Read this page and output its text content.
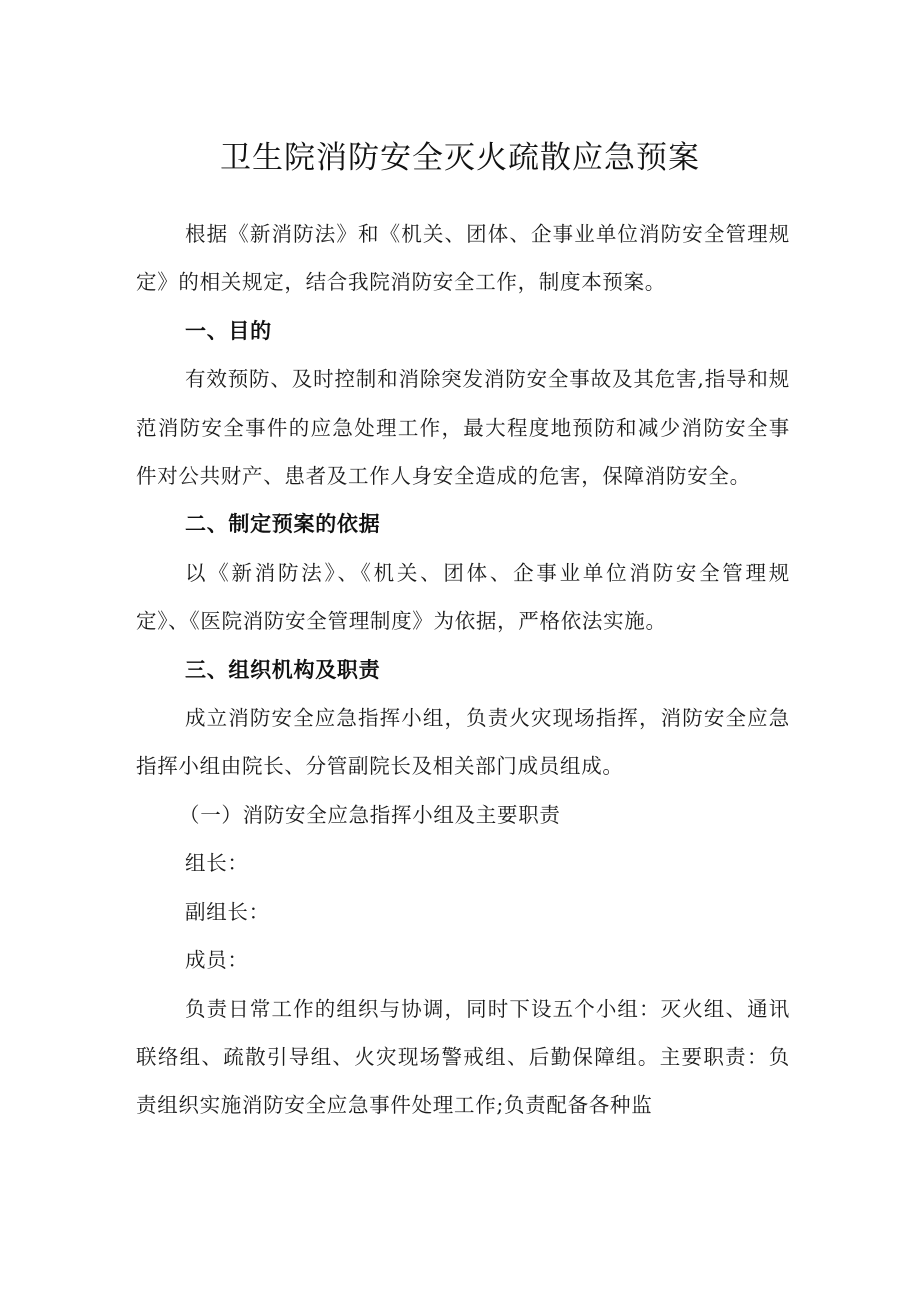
卫生院消防安全灭火疏散应急预案

根据《新消防法》和《机关、团体、企事业单位消防安全管理规定》的相关规定，结合我院消防安全工作，制度本预案。

一、目的

有效预防、及时控制和消除突发消防安全事故及其危害,指导和规范消防安全事件的应急处理工作，最大程度地预防和减少消防安全事件对公共财产、患者及工作人身安全造成的危害，保障消防安全。

二、制定预案的依据

以《新消防法》、《机关、团体、企事业单位消防安全管理规定》、《医院消防安全管理制度》为依据，严格依法实施。

三、组织机构及职责

成立消防安全应急指挥小组，负责火灾现场指挥，消防安全应急指挥小组由院长、分管副院长及相关部门成员组成。

（一）消防安全应急指挥小组及主要职责

组长：

副组长：

成员：

负责日常工作的组织与协调，同时下设五个小组：灭火组、通讯联络组、疏散引导组、火灾现场警戒组、后勤保障组。主要职责：负责组织实施消防安全应急事件处理工作;负责配备各种监
